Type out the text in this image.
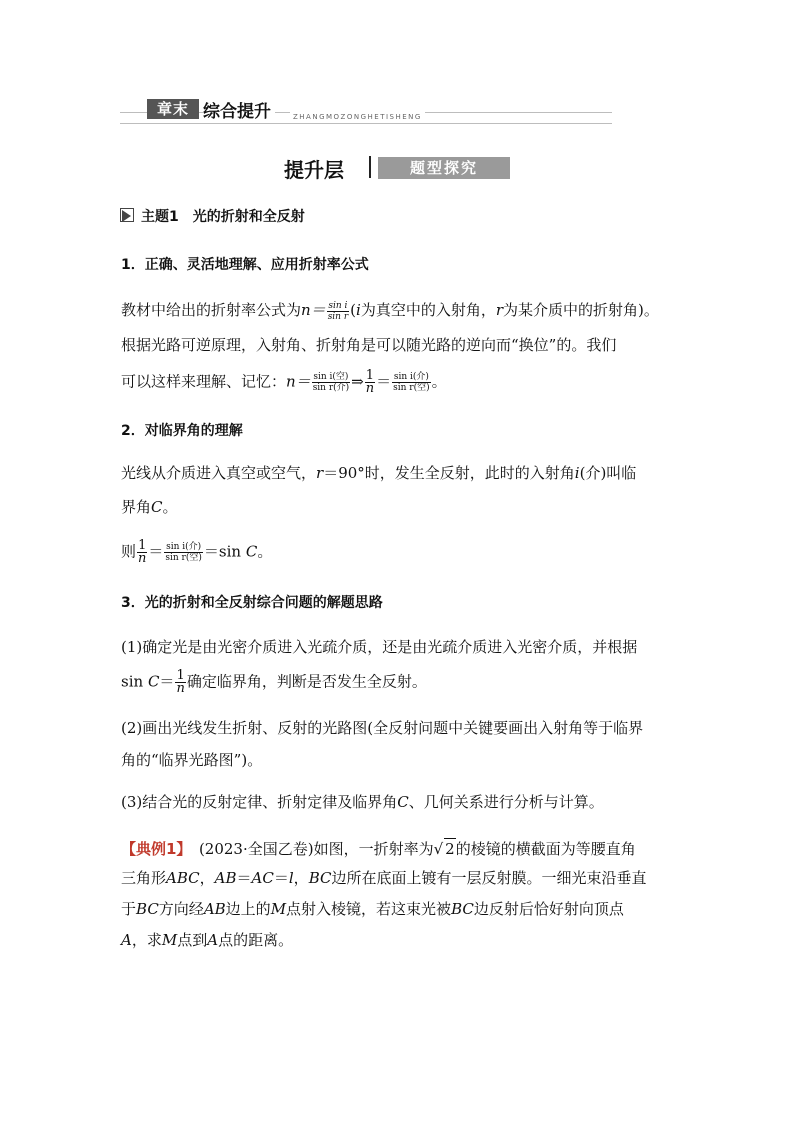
章末 综合提升	ZHANGMOZONGHETISHENG
提升层	题型探究
主题1　光的折射和全反射
1．正确、灵活地理解、应用折射率公式
教材中给出的折射率公式为$n= \frac{\text{sin i}}{\text{sin r}} (i$为真空中的入射角，r为某介质中的折射角)。
根据光路可逆原理，入射角、折射角是可以随光路的逆向而“换位”的。我们
可以这样来理解、记忆：$n= \frac{\text{sin i(空)}}{\text{sin r(介)}}$ ⇒ $\frac{1}{n} = \frac{\text{sin i(介)}}{\text{sin r(空)}}$ 。
2．对临界角的理解
光线从介质进入真空或空气，r＝90°时，发生全反射，此时的入射角i(介)叫临
界角C。
则 $\frac{1}{n} = \frac{\text{sin i(介)}}{\text{sin r(空)}} =\sin$ C。
3．光的折射和全反射综合问题的解题思路
(1)确定光是由光密介质进入光疏介质，还是由光疏介质进入光密介质，并根据
$\sin C= \frac{1}{n}$ 确定临界角，判断是否发生全反射。
(2)画出光线发生折射、反射的光路图(全反射问题中关键要画出入射角等于临界
角的“临界光路图”)。
(3)结合光的反射定律、折射定律及临界角C、几何关系进行分析与计算。
【典例1】　(2023·全国乙卷)如图，一折射率为√ 2的棱镜的横截面为等腰直角
三角形ABC，AB＝AC＝l，BC边所在底面上镀有一层反射膜。一细光束沿垂直
于BC方向经AB边上的M点射入棱镜，若这束光被BC边反射后恰好射向顶点
A，求M点到A点的距离。
